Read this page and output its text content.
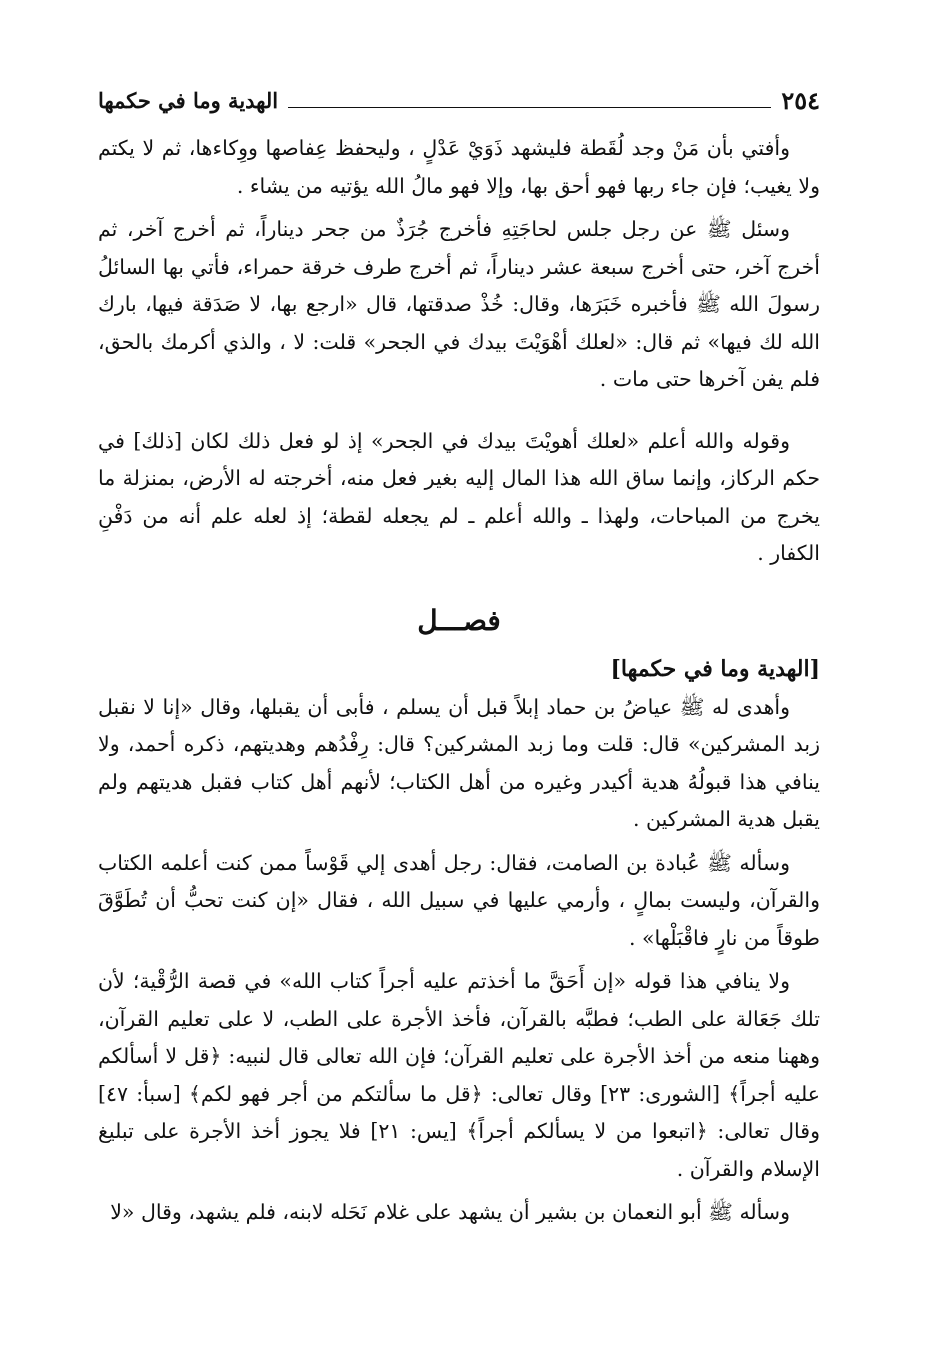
٢٥٤
الهدية وما في حكمها

وأفتي بأن مَنْ وجد لُقَطة فليشهد ذَوَيْ عَدْلٍ ، وليحفظ عِفاصها ووِكاءها، ثم لا يكتم ولا يغيب؛ فإن جاء ربها فهو أحق بها، وإلا فهو مالُ الله يؤتيه من يشاء .

وسئل ﷺ عن رجل جلس لحاجَتِهِ فأخرج جُرَذٌ من جحر ديناراً، ثم أخرج آخر، ثم أخرج آخر، حتى أخرج سبعة عشر ديناراً، ثم أخرج طرف خرقة حمراء، فأتي بها السائلُ رسولَ الله ﷺ فأخبره خَبَرَها، وقال: خُذْ صدقتها، قال «ارجع بها، لا صَدَقة فيها، بارك الله لك فيها» ثم قال: «لعلك أهْوَيْتَ بيدك في الجحر» قلت: لا ، والذي أكرمك بالحق، فلم يفن آخرها حتى مات .

وقوله والله أعلم «لعلك أهويْتَ بيدك في الجحر» إذ لو فعل ذلك لكان [ذلك] في حكم الركاز، وإنما ساق الله هذا المال إليه بغير فعل منه، أخرجته له الأرض، بمنزلة ما يخرج من المباحات، ولهذا ـ والله أعلم ـ لم يجعله لقطة؛ إذ لعله علم أنه من دَفْنِ الكفار .

فصـــل
[الهدية وما في حكمها]

وأهدى له ﷺ عياضُ بن حماد إبلاً قبل أن يسلم ، فأبى أن يقبلها، وقال «إنا لا نقبل زبد المشركين» قال: قلت وما زبد المشركين؟ قال: رِفْدُهم وهديتهم، ذكره أحمد، ولا ينافي هذا قبولُهُ هدية أكيدر وغيره من أهل الكتاب؛ لأنهم أهل كتاب فقبل هديتهم ولم يقبل هدية المشركين .

وسأله ﷺ عُبادة بن الصامت، فقال: رجل أهدى إلي قَوْساً ممن كنت أعلمه الكتاب والقرآن، وليست بمالٍ ، وأرمي عليها في سبيل الله ، فقال «إن كنت تحبُّ أن تُطَوَّقَ طوقاً من نارٍ فاقْبَلْها» .

ولا ينافي هذا قوله «إن أَحَقَّ ما أخذتم عليه أجراً كتاب الله» في قصة الرُّقْية؛ لأن تلك جَعَالة على الطب؛ فطبَّه بالقرآن، فأخذ الأجرة على الطب، لا على تعليم القرآن، وههنا منعه من أخذ الأجرة على تعليم القرآن؛ فإن الله تعالى قال لنبيه: ﴿قل لا أسألكم عليه أجراً﴾ [الشورى: ٢٣] وقال تعالى: ﴿قل ما سألتكم من أجر فهو لكم﴾ [سبأ: ٤٧] وقال تعالى: ﴿اتبعوا من لا يسألكم أجراً﴾ [يس: ٢١] فلا يجوز أخذ الأجرة على تبليغ الإسلام والقرآن .

وسأله ﷺ أبو النعمان بن بشير أن يشهد على غلام نَحَله لابنه، فلم يشهد، وقال «لا
